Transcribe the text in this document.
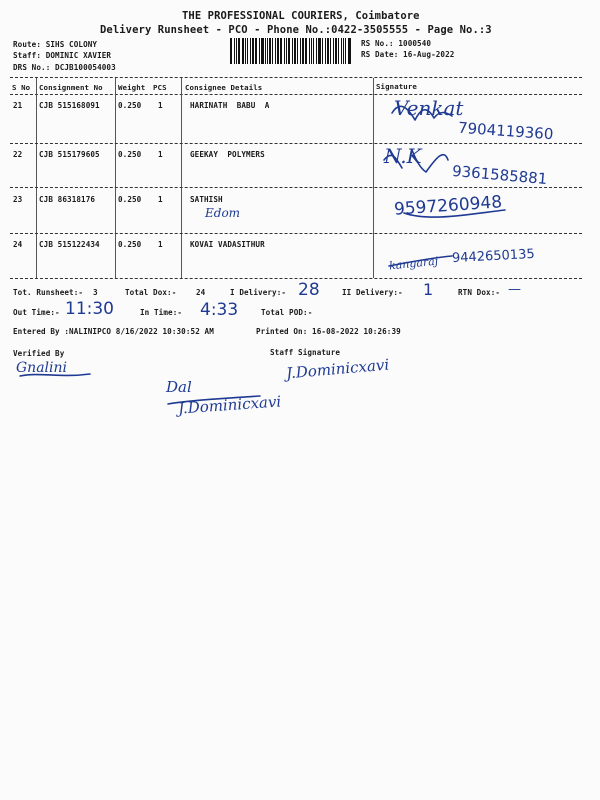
THE PROFESSIONAL COURIERS, Coimbatore
Delivery Runsheet - PCO - Phone No.:0422-3505555 - Page No.:3
Route: SIHS COLONY
Staff: DOMINIC XAVIER
DRS No.: DCJB100054003
RS No.: 1000540
RS Date: 16-Aug-2022
S No Consignment No Weight PCS Consignee Details	Signature
21 CJB 515168091 0.250 1	HARINATH  BABU  A	Venkat
7904119360
22 CJB 515179605 0.250 1	GEEKAY  POLYMERS	N.K
9361585881
23 CJB 86318176	0.250 1	SATHISH
Edom	9597260948
24 CJB 515122434 0.250 1	KOVAI VADASITHUR
kangaraj 9442650135
Tot. Runsheet:- 3	Total Dox:-	24	I Delivery:- 28	II Delivery:- 1	RTN Dox:- —
Out Time:- 11:30	In Time:- 4:33	Total POD:-
Entered By :NALINIPCO 8/16/2022 10:30:52 AM	Printed On: 16-08-2022 10:26:39
Verified By	Staff Signature
Gnalini	J.Dominicxavi
Dal
J.Dominicxavi
